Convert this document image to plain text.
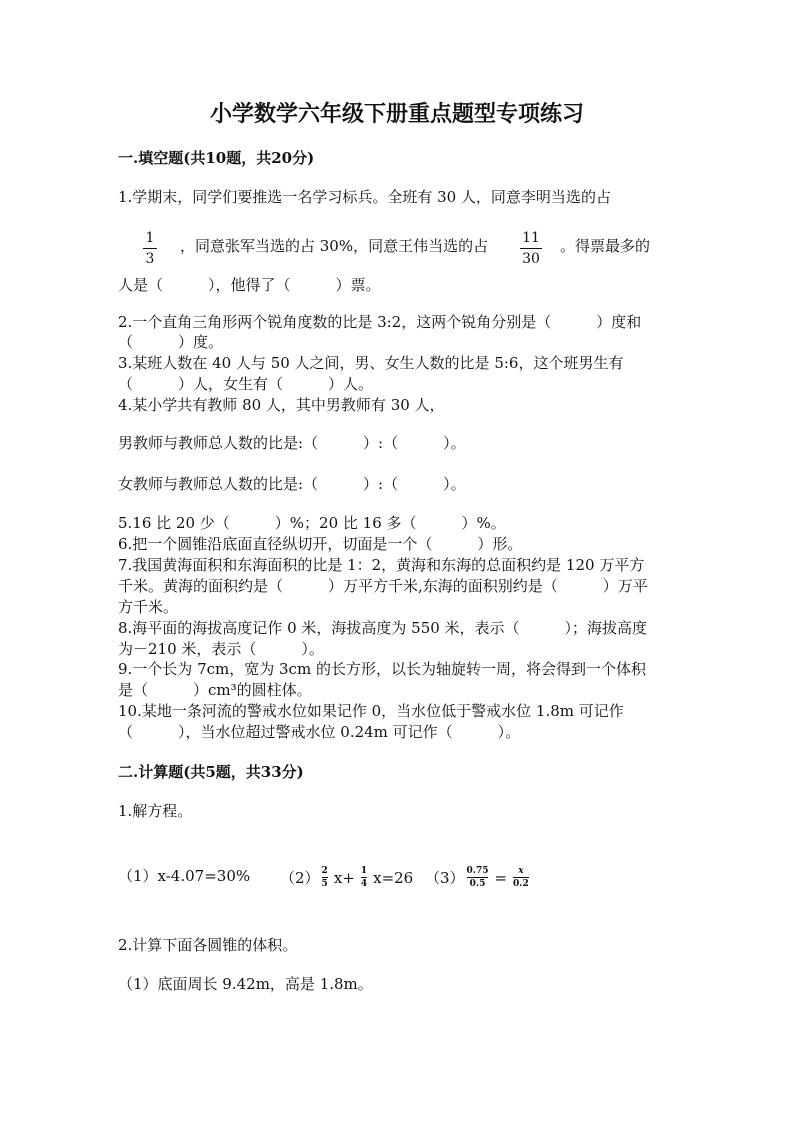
小学数学六年级下册重点题型专项练习
一.填空题(共10题，共20分)
1.学期末，同学们要推选一名学习标兵。全班有 30 人，同意李明当选的占
1
3
，同意张军当选的占 30%，同意王伟当选的占 11
30
。得票最多的
人是（　　　），他得了（　　　）票。
2.一个直角三角形两个锐角度数的比是 3:2，这两个锐角分别是（　　　）度和
（　　　）度。
3.某班人数在 40 人与 50 人之间，男、女生人数的比是 5:6，这个班男生有
（　　　）人，女生有（　　　）人。
4.某小学共有教师 80 人，其中男教师有 30 人，
男教师与教师总人数的比是:（　　　）:（　　　）。
女教师与教师总人数的比是:（　　　）:（　　　）。
5.16 比 20 少（　　　）%；20 比 16 多（　　　）%。
6.把一个圆锥沿底面直径纵切开，切面是一个（　　　）形。
7.我国黄海面积和东海面积的比是 1：2，黄海和东海的总面积约是 120 万平方
千米。黄海的面积约是（　　　）万平方千米,东海的面积别约是（　　　）万平
方千米。
8.海平面的海拔高度记作 0 米，海拔高度为 550 米，表示（　　　）；海拔高度
为－210 米，表示（　　　）。
9.一个长为 7cm，宽为 3cm 的长方形，以长为轴旋转一周，将会得到一个体积
是（　　　）cm³的圆柱体。
10.某地一条河流的警戒水位如果记作 0，当水位低于警戒水位 1.8m 可记作
（　　　），当水位超过警戒水位 0.24m 可记作（　　　）。
二.计算题(共5题，共33分)
1.解方程。
（1）x-4.07=30% （2） 2
5 x+ 1
4 x=26 （3） 0.75
0.5 = x
0.2
2.计算下面各圆锥的体积。
（1）底面周长 9.42m，高是 1.8m。
